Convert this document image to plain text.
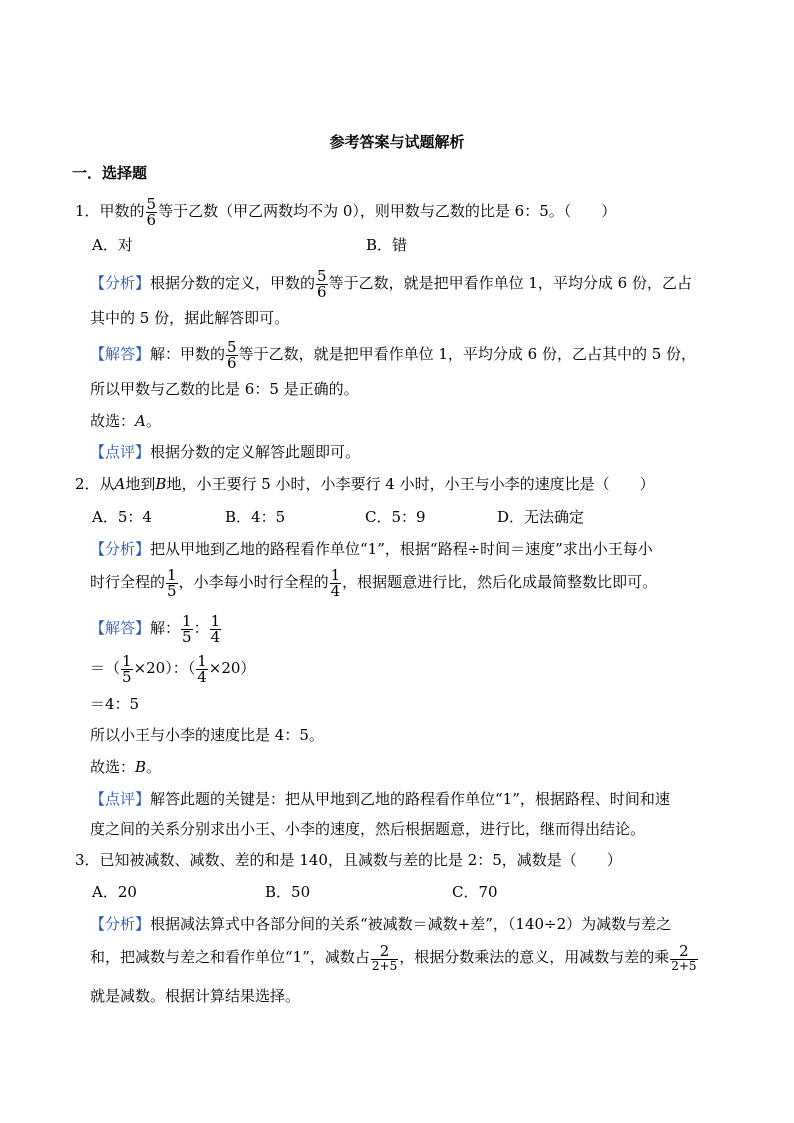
参考答案与试题解析
一．选择题
1．甲数的 $\frac{5}{6}$ 等于乙数（甲乙两数均不为 0），则甲数与乙数的比是 6：5。（　　）
A．对	B．错
【分析】根据分数的定义，甲数的 $\frac{5}{6}$ 等于乙数，就是把甲看作单位 1，平均分成 6 份，乙占
其中的 5 份，据此解答即可。
【解答】解：甲数的 $\frac{5}{6}$ 等于乙数，就是把甲看作单位 1，平均分成 6 份，乙占其中的 5 份，
所以甲数与乙数的比是 6：5 是正确的。
故选：A。
【点评】根据分数的定义解答此题即可。
2．从A地到B地，小王要行 5 小时，小李要行 4 小时，小王与小李的速度比是（　　）
A．5：4	B．4：5	C．5：9	D．无法确定
【分析】把从甲地到乙地的路程看作单位“1”，根据“路程÷时间＝速度”求出小王每小
时行全程的 $\frac{1}{5}$ ，小李每小时行全程的 $\frac{1}{4}$ ，根据题意进行比，然后化成最简整数比即可。
【解答】解： $\frac{1}{5}$ ： $\frac{1}{4}$
＝（ $\frac{1}{5} \times 20$）：（ $\frac{1}{4} \times 20$）
＝4：5
所以小王与小李的速度比是 4：5。
故选：B。
【点评】解答此题的关键是：把从甲地到乙地的路程看作单位“1”，根据路程、时间和速
度之间的关系分别求出小王、小李的速度，然后根据题意，进行比，继而得出结论。
3．已知被减数、减数、差的和是 140，且减数与差的比是 2：5，减数是（　　）
A．20	B．50	C．70
【分析】根据减法算式中各部分间的关系“被减数＝减数+差”，（140÷2）为减数与差之
和，把减数与差之和看作单位“1”，减数占 2
2+5 ，根据分数乘法的意义，用减数与差的乘 2
2+5
就是减数。根据计算结果选择。
